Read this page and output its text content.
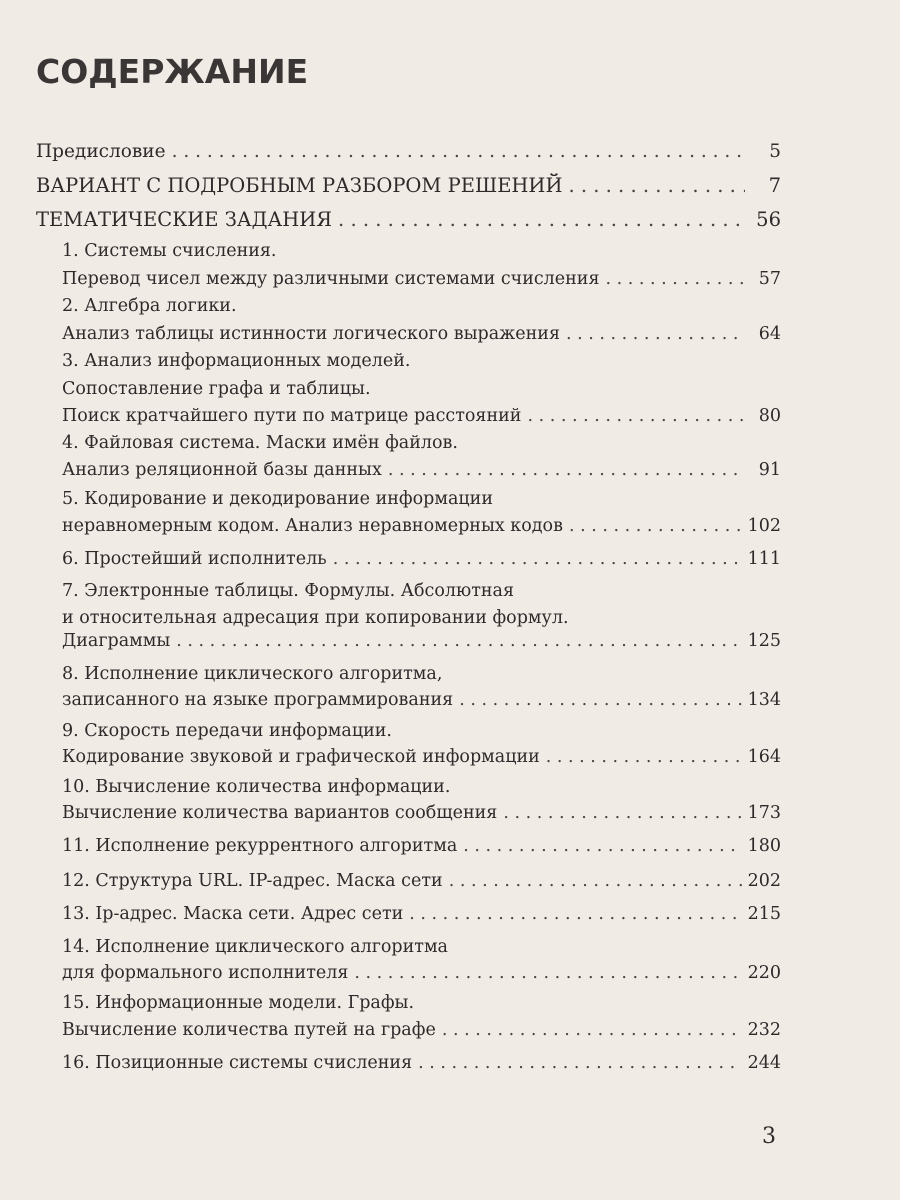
СОДЕРЖАНИЕ
Предисловие . . .	5
ВАРИАНТ С ПОДРОБНЫМ РАЗБОРОМ РЕШЕНИЙ . . .	7
ТЕМАТИЧЕСКИЕ ЗАДАНИЯ . . .	56
1. Системы счисления.
Перевод чисел между различными системами счисления . . .	57
2. Алгебра логики.
Анализ таблицы истинности логического выражения . . .	64
3. Анализ информационных моделей.
Сопоставление графа и таблицы.
Поиск кратчайшего пути по матрице расстояний . . .	80
4. Файловая система. Маски имён файлов.
Анализ реляционной базы данных . . .	91
5. Кодирование и декодирование информации
неравномерным кодом. Анализ неравномерных кодов . . .	102
6. Простейший исполнитель . . .	111
7. Электронные таблицы. Формулы. Абсолютная
и относительная адресация при копировании формул.
Диаграммы . . .	125
8. Исполнение циклического алгоритма,
записанного на языке программирования . . .	134
9. Скорость передачи информации.
Кодирование звуковой и графической информации . . .	164
10. Вычисление количества информации.
Вычисление количества вариантов сообщения . . .	173
11. Исполнение рекуррентного алгоритма . . .	180
12. Структура URL. IP-адрес. Маска сети . . .	202
13. Ip-адрес. Маска сети. Адрес сети . . .	215
14. Исполнение циклического алгоритма
для формального исполнителя . . .	220
15. Информационные модели. Графы.
Вычисление количества путей на графе . . .	232
16. Позиционные системы счисления . . .	244
3
